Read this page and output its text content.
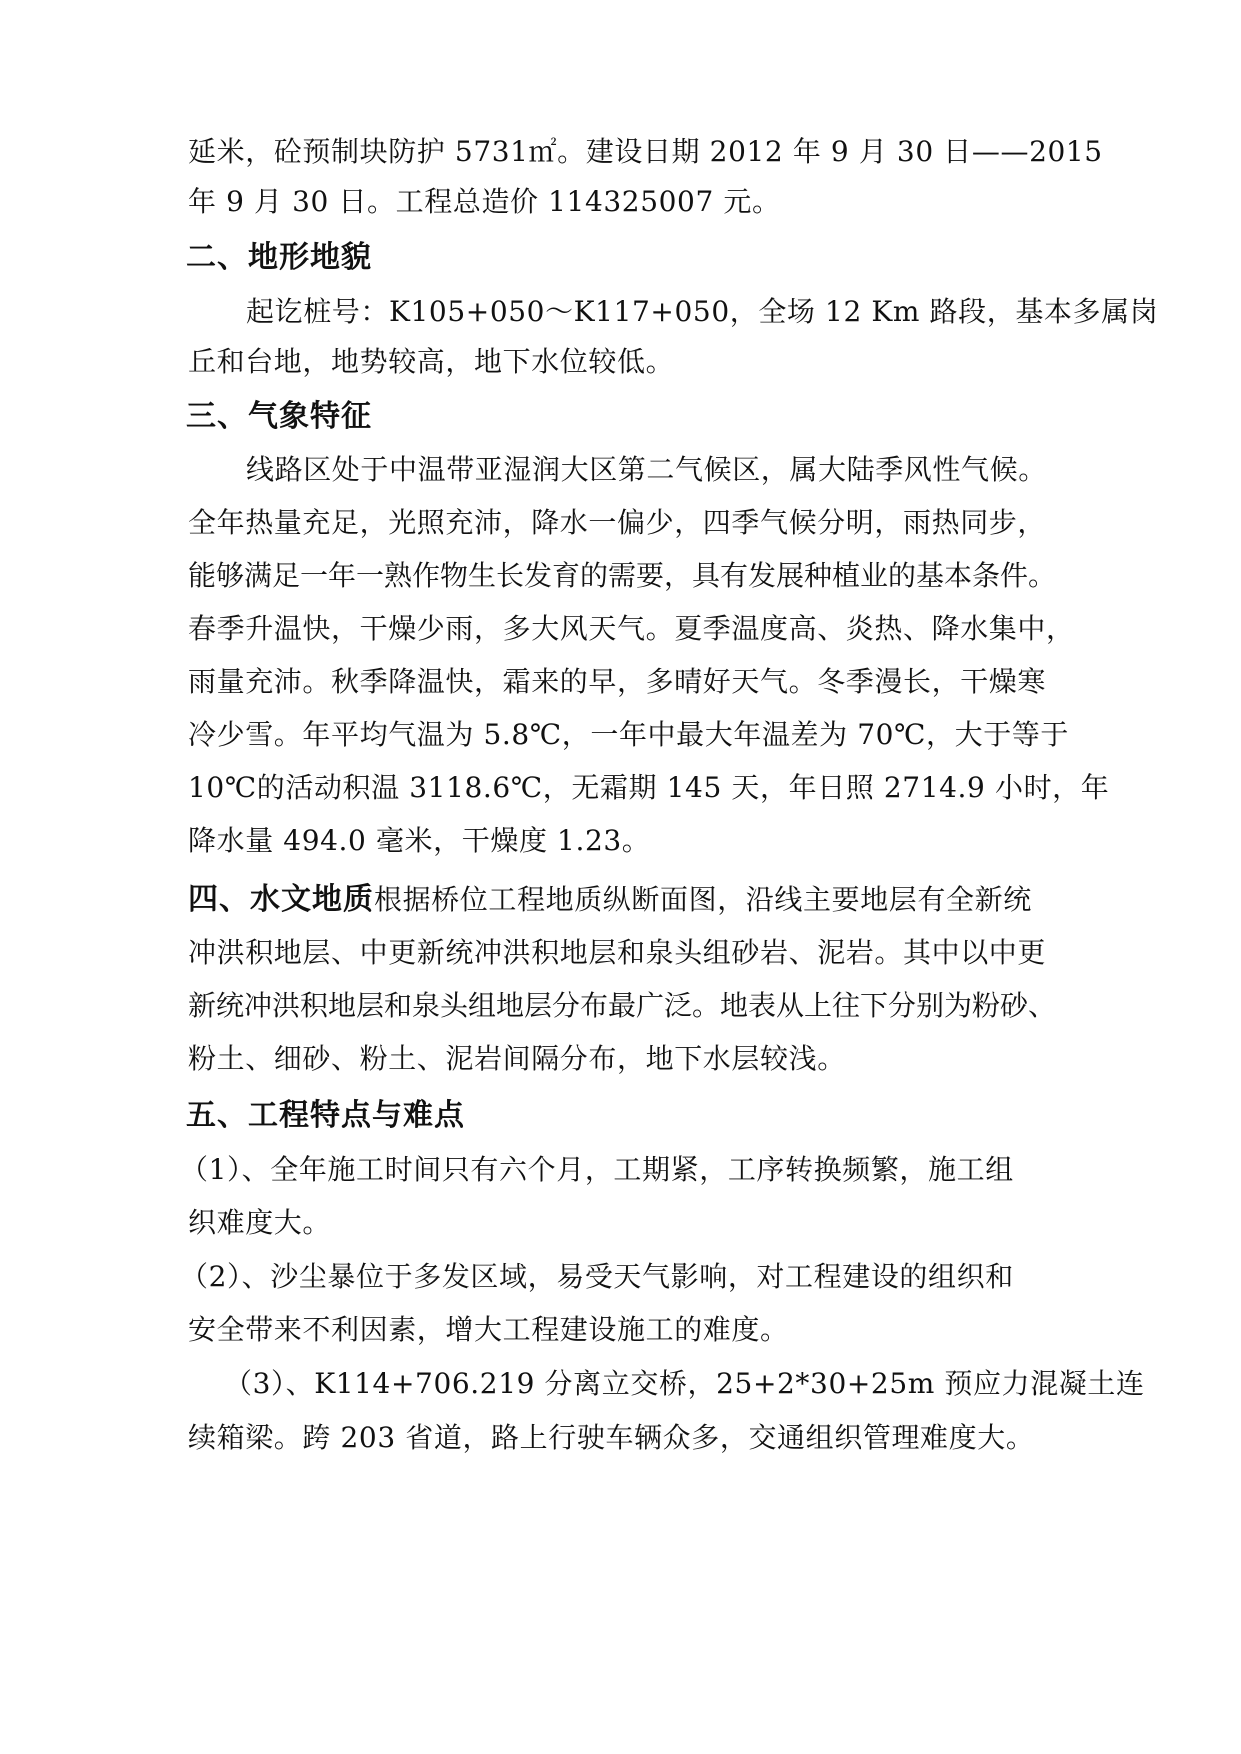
延米，砼预制块防护 5731㎡。建设日期 2012 年 9 月 30 日——2015
年 9 月 30 日。工程总造价 114325007 元。
二、地形地貌
起讫桩号：K105+050～K117+050，全场 12 Km 路段，基本多属岗
丘和台地，地势较高，地下水位较低。
三、气象特征
线路区处于中温带亚湿润大区第二气候区，属大陆季风性气候。
全年热量充足，光照充沛，降水一偏少，四季气候分明，雨热同步，
能够满足一年一熟作物生长发育的需要，具有发展种植业的基本条件。
春季升温快，干燥少雨，多大风天气。夏季温度高、炎热、降水集中，
雨量充沛。秋季降温快，霜来的早，多晴好天气。冬季漫长，干燥寒
冷少雪。年平均气温为 5.8℃，一年中最大年温差为 70℃，大于等于
10℃的活动积温 3118.6℃，无霜期 145 天，年日照 2714.9 小时，年
降水量 494.0 毫米，干燥度 1.23。
四、水文地质根据桥位工程地质纵断面图，沿线主要地层有全新统
冲洪积地层、中更新统冲洪积地层和泉头组砂岩、泥岩。其中以中更
新统冲洪积地层和泉头组地层分布最广泛。地表从上往下分别为粉砂、
粉土、细砂、粉土、泥岩间隔分布，地下水层较浅。
五、工程特点与难点
（1）、全年施工时间只有六个月，工期紧，工序转换频繁，施工组
织难度大。
（2）、沙尘暴位于多发区域，易受天气影响，对工程建设的组织和
安全带来不利因素，增大工程建设施工的难度。
（3）、K114+706.219 分离立交桥，25+2*30+25m 预应力混凝土连
续箱梁。跨 203 省道，路上行驶车辆众多，交通组织管理难度大。
